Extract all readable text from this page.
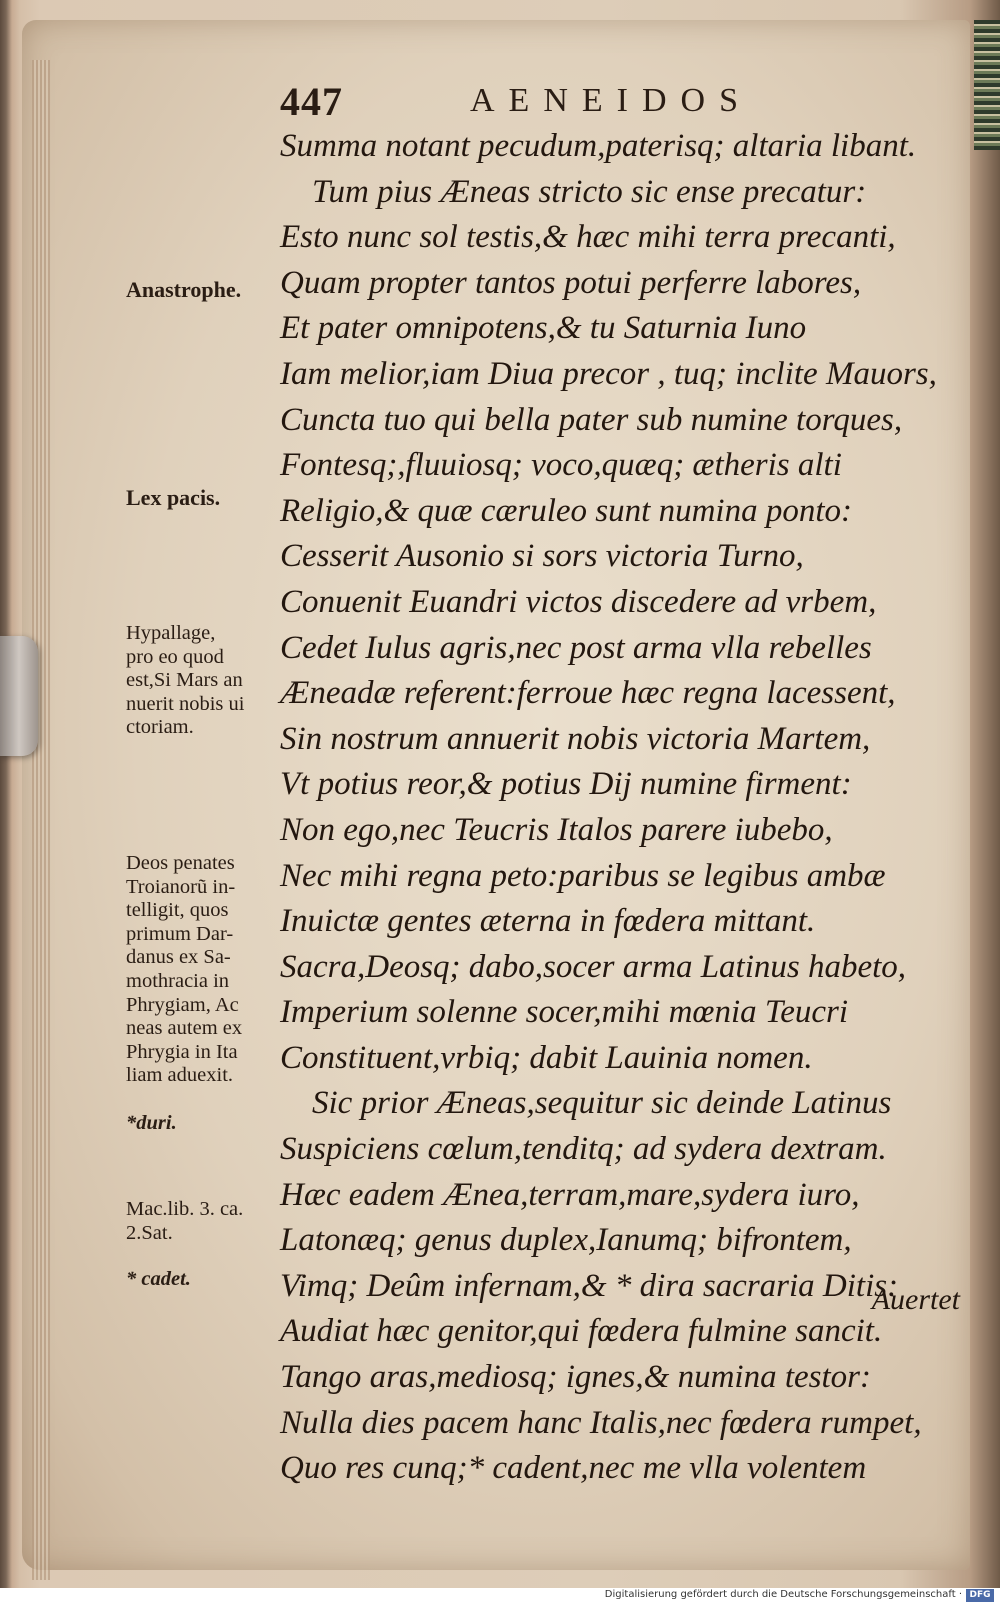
447	AENEIDOS
Summa notant pecudum,paterisq; altaria libant.
Tum pius Æneas stricto sic ense precatur:
Esto nunc sol testis,& hæc mihi terra precanti,
Quam propter tantos potui perferre labores,
Et pater omnipotens,& tu Saturnia Iuno
Iam melior,iam Diua precor , tuq; inclite Mauors,
Cuncta tuo qui bella pater sub numine torques,
Fontesq;,fluuiosq; voco,quæq; ætheris alti
Religio,& quæ cæruleo sunt numina ponto:
Cesserit Ausonio si sors victoria Turno,
Conuenit Euandri victos discedere ad vrbem,
Cedet Iulus agris,nec post arma vlla rebelles
Æneadæ referent:ferroue hæc regna lacessent,
Sin nostrum annuerit nobis victoria Martem,
Vt potius reor,& potius Dij numine firment:
Non ego,nec Teucris Italos parere iubebo,
Nec mihi regna peto:paribus se legibus ambæ
Inuictæ gentes æterna in fœdera mittant.
Sacra,Deosq; dabo,socer arma Latinus habeto,
Imperium solenne socer,mihi mœnia Teucri
Constituent,vrbiq; dabit Lauinia nomen.
Sic prior Æneas,sequitur sic deinde Latinus
Suspiciens cœlum,tenditq; ad sydera dextram.
Hæc eadem Ænea,terram,mare,sydera iuro,
Latonæq; genus duplex,Ianumq; bifrontem,
Vimq; Deûm infernam,& * dira sacraria Ditis:
Audiat hæc genitor,qui fœdera fulmine sancit.
Tango aras,mediosq; ignes,& numina testor:
Nulla dies pacem hanc Italis,nec fœdera rumpet,
Quo res cunq;* cadent,nec me vlla volentem
Auertet
Anastrophe.
Lex pacis.
Hypallage,
pro eo quod
est,Si Mars an
nuerit nobis ui
ctoriam.
Deos penates
Troianorũ in-
telligit, quos
primum Dar-
danus ex Sa-
mothracia in
Phrygiam, Ac
neas autem ex
Phrygia in Ita
liam aduexit.
*duri.
Mac.lib. 3. ca.
2.Sat.
* cadet.
Digitalisierung gefördert durch die Deutsche Forschungsgemeinschaft · DFG
